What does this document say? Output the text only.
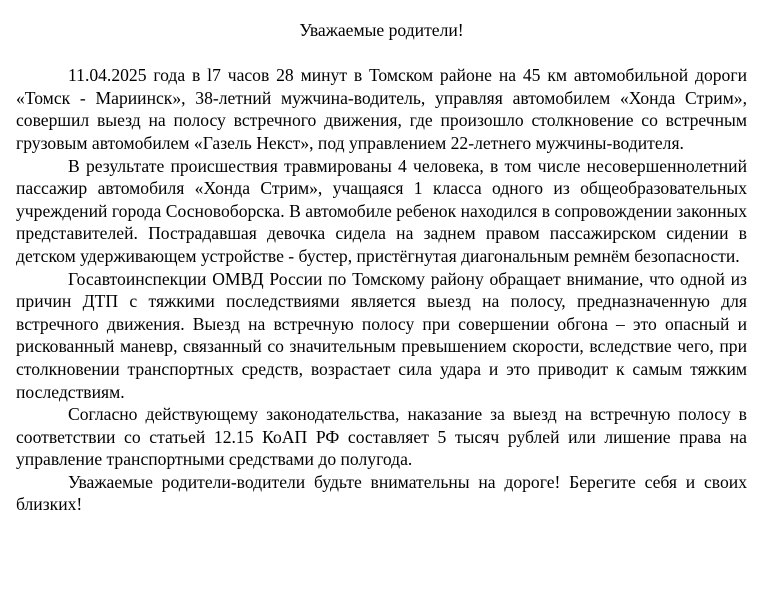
Уважаемые родители!

11.04.2025 года в l7 часов 28 минут в Томском районе на 45 км автомобильной дороги «Томск - Мариинск», 38-летний мужчина-водитель, управляя автомобилем «Хонда Стрим», совершил выезд на полосу встречного движения, где произошло столкновение со встречным грузовым автомобилем «Газель Некст», под управлением 22-летнего мужчины-водителя.

В результате происшествия травмированы 4 человека, в том числе несовершеннолетний пассажир автомобиля «Хонда Стрим», учащаяся 1 класса одного из общеобразовательных учреждений города Сосновоборска. В автомобиле ребенок находился в сопровождении законных представителей. Пострадавшая девочка сидела на заднем правом пассажирском сидении в детском удерживающем устройстве - бустер, пристёгнутая диагональным ремнём безопасности.

Госавтоинспекции ОМВД России по Томскому району обращает внимание, что одной из причин ДТП с тяжкими последствиями является выезд на полосу, предназначенную для встречного движения. Выезд на встречную полосу при совершении обгона – это опасный и рискованный маневр, связанный со значительным превышением скорости, вследствие чего, при столкновении транспортных средств, возрастает сила удара и это приводит к самым тяжким последствиям.

Согласно действующему законодательства, наказание за выезд на встречную полосу в соответствии со статьей 12.15 КоАП РФ составляет 5 тысяч рублей или лишение права на управление транспортными средствами до полугода.

Уважаемые родители-водители будьте внимательны на дороге! Берегите себя и своих близких!
